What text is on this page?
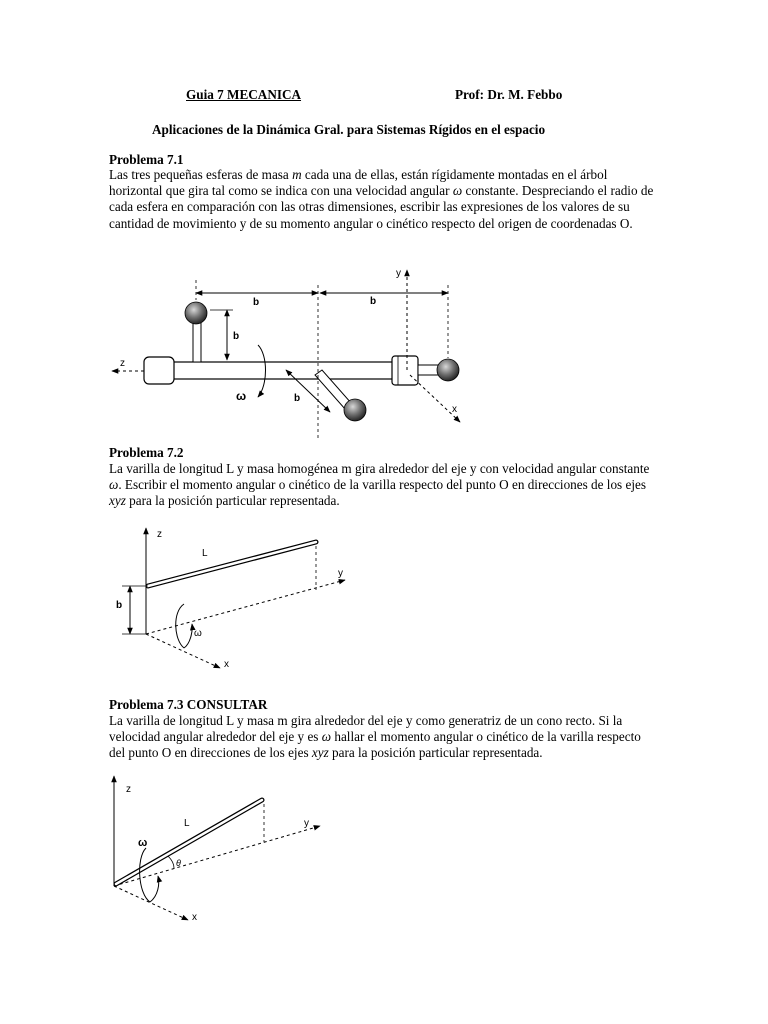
Guia 7 MECANICA	Prof: Dr. M. Febbo
Aplicaciones de la Dinámica Gral. para Sistemas Rígidos en el espacio
Problema 7.1
Las tres pequeñas esferas de masa m cada una de ellas, están rígidamente montadas en el árbol horizontal que gira tal como se indica con una velocidad angular ω constante. Despreciando el radio de cada esfera en comparación con las otras dimensiones, escribir las expresiones de los valores de su cantidad de movimiento y de su momento angular o cinético respecto del origen de coordenadas O.
b	b
b
b
y
z
x
ω
Problema 7.2
La varilla de longitud L y masa homogénea m gira alrededor del eje y con velocidad angular constante ω. Escribir el momento angular o cinético de la varilla respecto del punto O en direcciones de los ejes xyz para la posición particular representada.
z
y
x
L
b
ω
Problema 7.3 CONSULTAR
La varilla de longitud L y masa m gira alrededor del eje y como generatriz de un cono recto. Si la velocidad angular alrededor del eje y es ω hallar el momento angular o cinético de la varilla respecto del punto O en direcciones de los ejes xyz para la posición particular representada.
z
y
x
L
θ
ω
